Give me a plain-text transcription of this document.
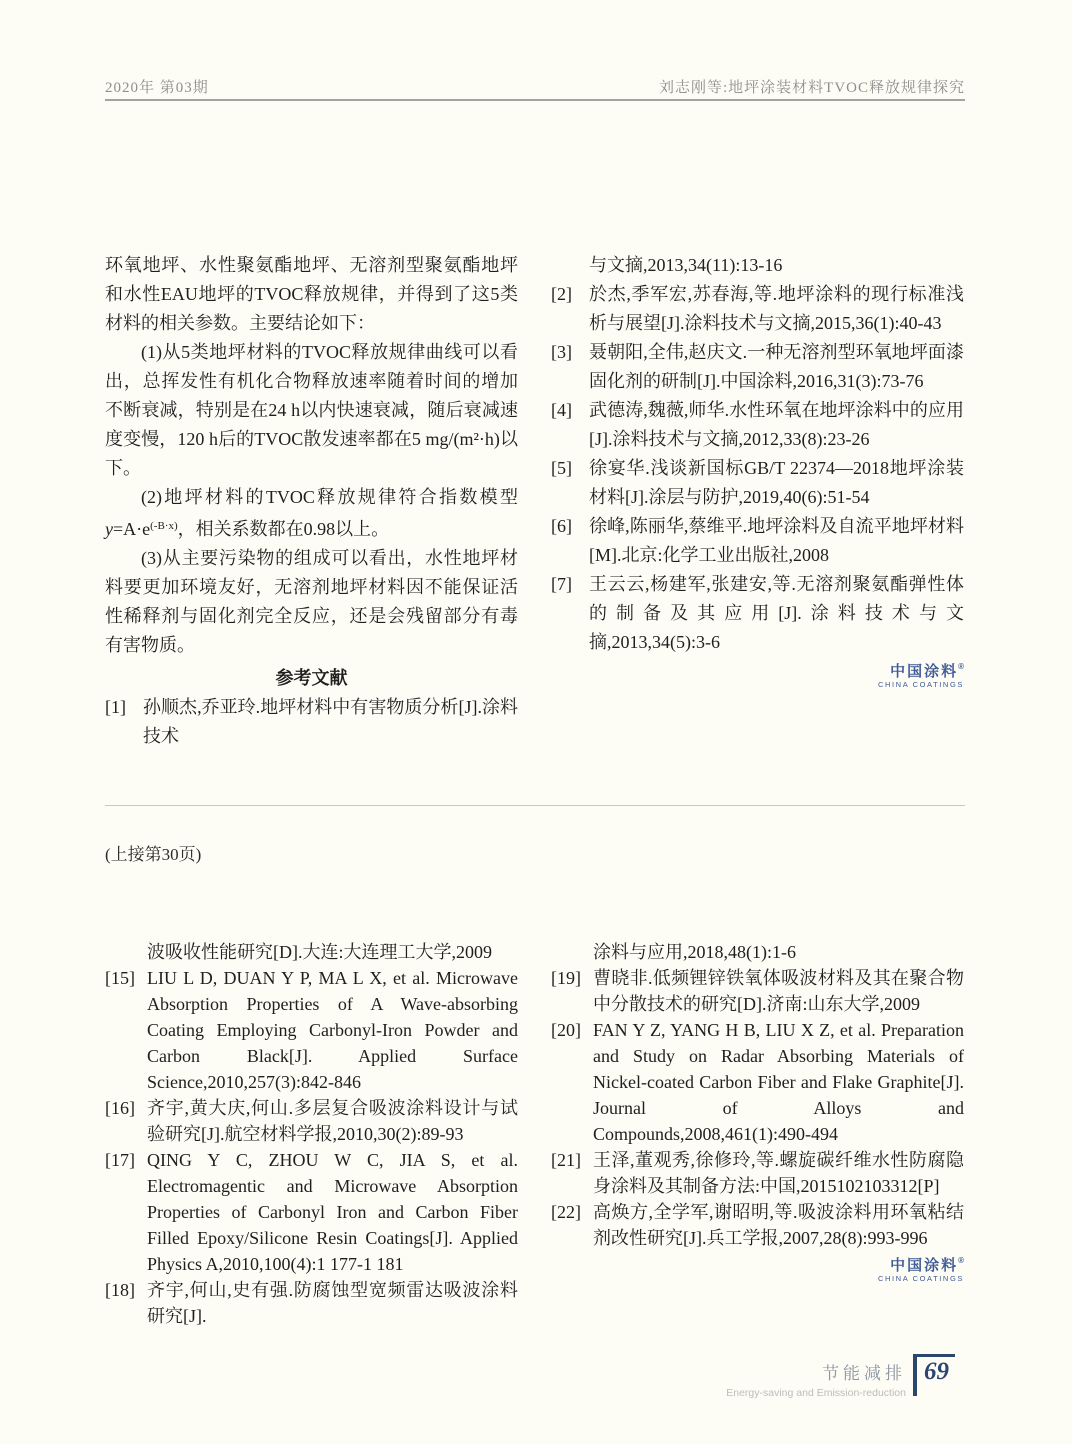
2020年 第03期	刘志刚等:地坪涂装材料TVOC释放规律探究

环氧地坪、水性聚氨酯地坪、无溶剂型聚氨酯地坪和水性EAU地坪的TVOC释放规律，并得到了这5类材料的相关参数。主要结论如下：

(1)从5类地坪材料的TVOC释放规律曲线可以看出，总挥发性有机化合物释放速率随着时间的增加不断衰减，特别是在24 h以内快速衰减，随后衰减速度变慢，120 h后的TVOC散发速率都在5 mg/(m²·h)以下。

(2)地坪材料的TVOC释放规律符合指数模型$y=A\cdot e^{(-B\cdot x)}$，相关系数都在0.98以上。

(3)从主要污染物的组成可以看出，水性地坪材料要更加环境友好，无溶剂地坪材料因不能保证活性稀释剂与固化剂完全反应，还是会残留部分有毒有害物质。

参考文献

[1] 孙顺杰,乔亚玲.地坪材料中有害物质分析[J].涂料技术
与文摘,2013,34(11):13-16
[2] 於杰,季军宏,苏春海,等.地坪涂料的现行标准浅析与展望[J].涂料技术与文摘,2015,36(1):40-43
[3] 聂朝阳,全伟,赵庆文.一种无溶剂型环氧地坪面漆固化剂的研制[J].中国涂料,2016,31(3):73-76
[4] 武德涛,魏薇,师华.水性环氧在地坪涂料中的应用[J].涂料技术与文摘,2012,33(8):23-26
[5] 徐宴华.浅谈新国标GB/T 22374—2018地坪涂装材料[J].涂层与防护,2019,40(6):51-54
[6] 徐峰,陈丽华,蔡维平.地坪涂料及自流平地坪材料[M].北京:化学工业出版社,2008
[7] 王云云,杨建军,张建安,等.无溶剂聚氨酯弹性体的制备及其应用[J].涂料技术与文摘,2013,34(5):3-6
中国涂料®
CHINA COATINGS
(上接第30页)
波吸收性能研究[D].大连:大连理工大学,2009
[15] LIU L D, DUAN Y P, MA L X, et al. Microwave Absorption Properties of A Wave-absorbing Coating Employing Carbonyl-Iron Powder and Carbon Black[J]. Applied Surface Science,2010,257(3):842-846
[16] 齐宇,黄大庆,何山.多层复合吸波涂料设计与试验研究[J].航空材料学报,2010,30(2):89-93
[17] QING Y C, ZHOU W C, JIA S, et al. Electromagentic and Microwave Absorption Properties of Carbonyl Iron and Carbon Fiber Filled Epoxy/Silicone Resin Coatings[J]. Applied Physics A,2010,100(4):1 177-1 181
[18] 齐宇,何山,史有强.防腐蚀型宽频雷达吸波涂料研究[J].
涂料与应用,2018,48(1):1-6
[19] 曹晓非.低频锂锌铁氧体吸波材料及其在聚合物中分散技术的研究[D].济南:山东大学,2009
[20] FAN Y Z, YANG H B, LIU X Z, et al. Preparation and Study on Radar Absorbing Materials of Nickel-coated Carbon Fiber and Flake Graphite[J]. Journal of Alloys and Compounds,2008,461(1):490-494
[21] 王泽,董观秀,徐修玲,等.螺旋碳纤维水性防腐隐身涂料及其制备方法:中国,2015102103312[P]
[22] 高焕方,全学军,谢昭明,等.吸波涂料用环氧粘结剂改性研究[J].兵工学报,2007,28(8):993-996
中国涂料®
CHINA COATINGS
节能减排
Energy-saving and Emission-reduction
69
